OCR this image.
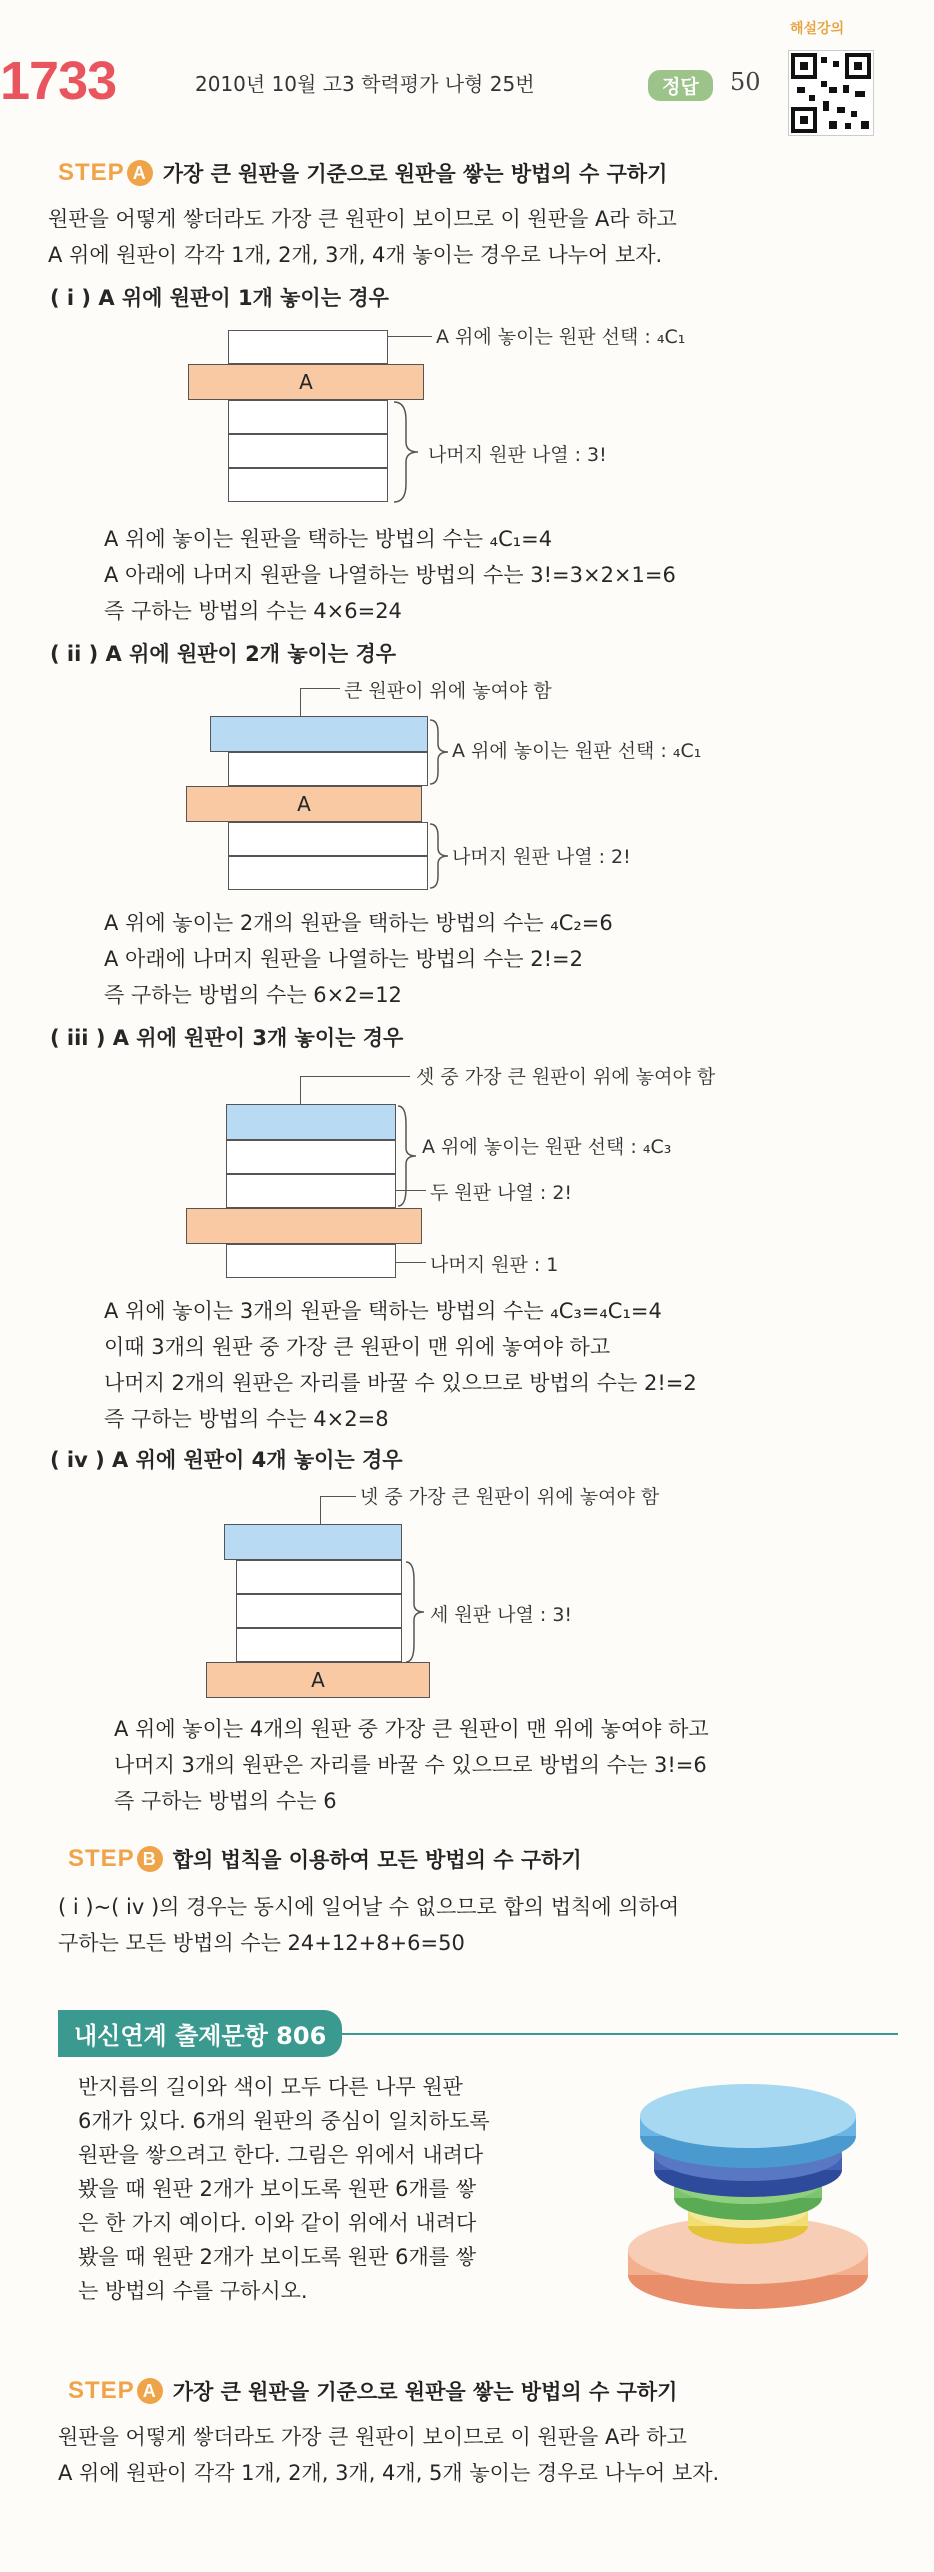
1733	2010년 10월 고3 학력평가 나형 25번	정답	50
해설강의
STEP A 가장 큰 원판을 기준으로 원판을 쌓는 방법의 수 구하기
원판을 어떻게 쌓더라도 가장 큰 원판이 보이므로 이 원판을 A라 하고
A 위에 원판이 각각 1개, 2개, 3개, 4개 놓이는 경우로 나누어 보자.
( i ) A 위에 원판이 1개 놓이는 경우
A
A 위에 놓이는 원판 선택 : ₄C₁
나머지 원판 나열 : 3!
A 위에 놓이는 원판을 택하는 방법의 수는 ₄C₁=4
A 아래에 나머지 원판을 나열하는 방법의 수는 3!=3×2×1=6
즉 구하는 방법의 수는 4×6=24
( ii ) A 위에 원판이 2개 놓이는 경우
큰 원판이 위에 놓여야 함
A
A 위에 놓이는 원판 선택 : ₄C₁
나머지 원판 나열 : 2!
A 위에 놓이는 2개의 원판을 택하는 방법의 수는 ₄C₂=6
A 아래에 나머지 원판을 나열하는 방법의 수는 2!=2
즉 구하는 방법의 수는 6×2=12
( iii ) A 위에 원판이 3개 놓이는 경우
셋 중 가장 큰 원판이 위에 놓여야 함
A 위에 놓이는 원판 선택 : ₄C₃
두 원판 나열 : 2!
나머지 원판 : 1
A 위에 놓이는 3개의 원판을 택하는 방법의 수는 ₄C₃=₄C₁=4
이때 3개의 원판 중 가장 큰 원판이 맨 위에 놓여야 하고
나머지 2개의 원판은 자리를 바꿀 수 있으므로 방법의 수는 2!=2
즉 구하는 방법의 수는 4×2=8
( iv ) A 위에 원판이 4개 놓이는 경우
넷 중 가장 큰 원판이 위에 놓여야 함
A
세 원판 나열 : 3!
A 위에 놓이는 4개의 원판 중 가장 큰 원판이 맨 위에 놓여야 하고
나머지 3개의 원판은 자리를 바꿀 수 있으므로 방법의 수는 3!=6
즉 구하는 방법의 수는 6
STEP B 합의 법칙을 이용하여 모든 방법의 수 구하기
( i )~( iv )의 경우는 동시에 일어날 수 없으므로 합의 법칙에 의하여
구하는 모든 방법의 수는 24+12+8+6=50
내신연계 출제문항 806
반지름의 길이와 색이 모두 다른 나무 원판
6개가 있다. 6개의 원판의 중심이 일치하도록
원판을 쌓으려고 한다. 그림은 위에서 내려다
봤을 때 원판 2개가 보이도록 원판 6개를 쌓
은 한 가지 예이다. 이와 같이 위에서 내려다
봤을 때 원판 2개가 보이도록 원판 6개를 쌓
는 방법의 수를 구하시오.
STEP A 가장 큰 원판을 기준으로 원판을 쌓는 방법의 수 구하기
원판을 어떻게 쌓더라도 가장 큰 원판이 보이므로 이 원판을 A라 하고
A 위에 원판이 각각 1개, 2개, 3개, 4개, 5개 놓이는 경우로 나누어 보자.
